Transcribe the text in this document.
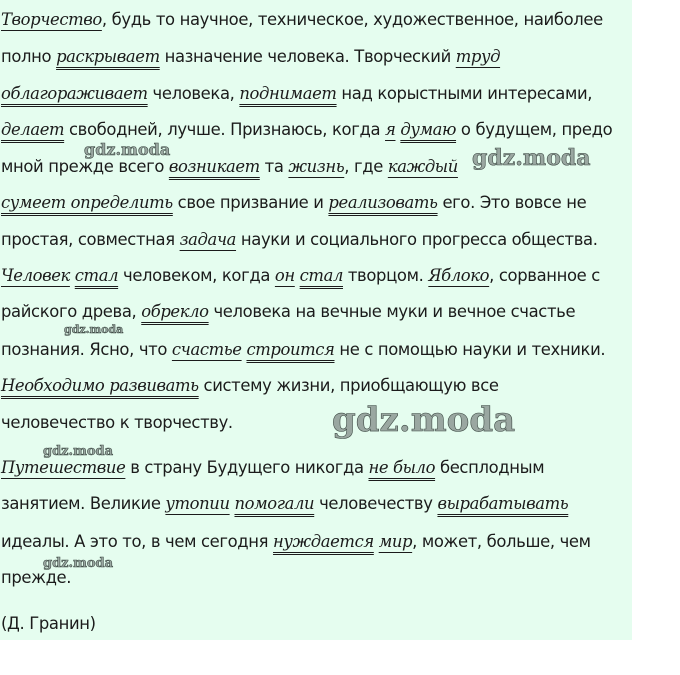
Творчество, будь то научное, техническое, художественное, наиболее
полно раскрывает назначение человека. Творческий труд
облагораживает человека, поднимает над корыстными интересами,
делает свободней, лучше. Признаюсь, когда я думаю о будущем, предо
мной прежде всего возникает та жизнь, где каждый
сумеет определить свое призвание и реализовать его. Это вовсе не
простая, совместная задача науки и социального прогресса общества.
Человек стал человеком, когда он стал творцом. Яблоко, сорванное с
райского древа, обрекло человека на вечные муки и вечное счастье
познания. Ясно, что счастье строится не с помощью науки и техники.
Необходимо развивать систему жизни, приобщающую все
человечество к творчеству.
Путешествие в страну Будущего никогда не было бесплодным
занятием. Великие утопии помогали человечеству вырабатывать
идеалы. А это то, в чем сегодня нуждается мир, может, больше, чем
прежде.
(Д. Гранин)
gdz.moda	gdz.moda
gdz.moda
gdz.moda
gdz.moda
gdz.moda
